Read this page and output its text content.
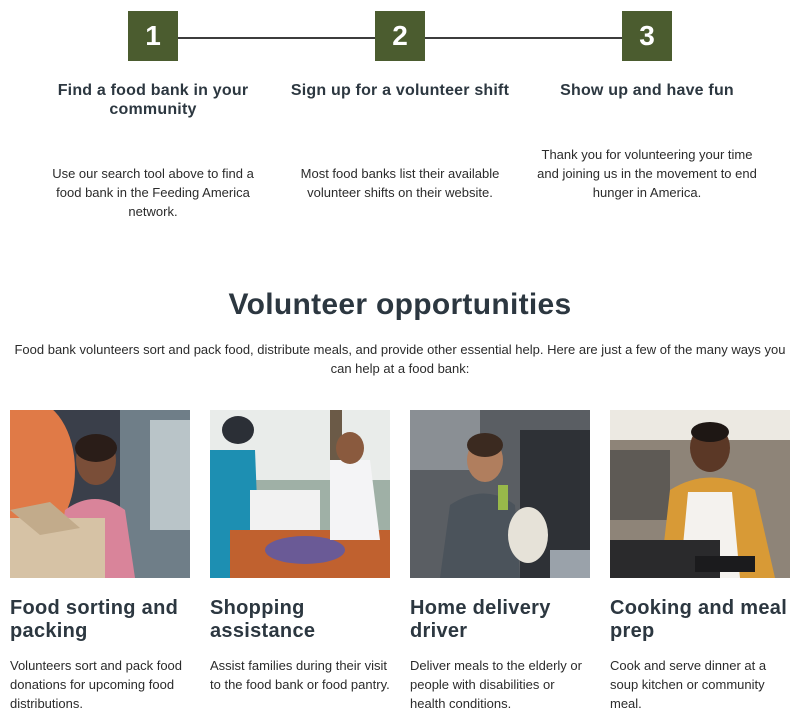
1
Find a food bank in your community
Use our search tool above to find a food bank in the Feeding America network.
2
Sign up for a volunteer shift
Most food banks list their available volunteer shifts on their website.
3
Show up and have fun
Thank you for volunteering your time and joining us in the movement to end hunger in America.
Volunteer opportunities

Food bank volunteers sort and pack food, distribute meals, and provide other essential help. Here are just a few of the many ways you can help at a food bank:

Food sorting and packing
Volunteers sort and pack food donations for upcoming food distributions.
Shopping assistance
Assist families during their visit to the food bank or food pantry.
Home delivery driver
Deliver meals to the elderly or people with disabilities or health conditions.
Cooking and meal prep
Cook and serve dinner at a soup kitchen or community meal.
